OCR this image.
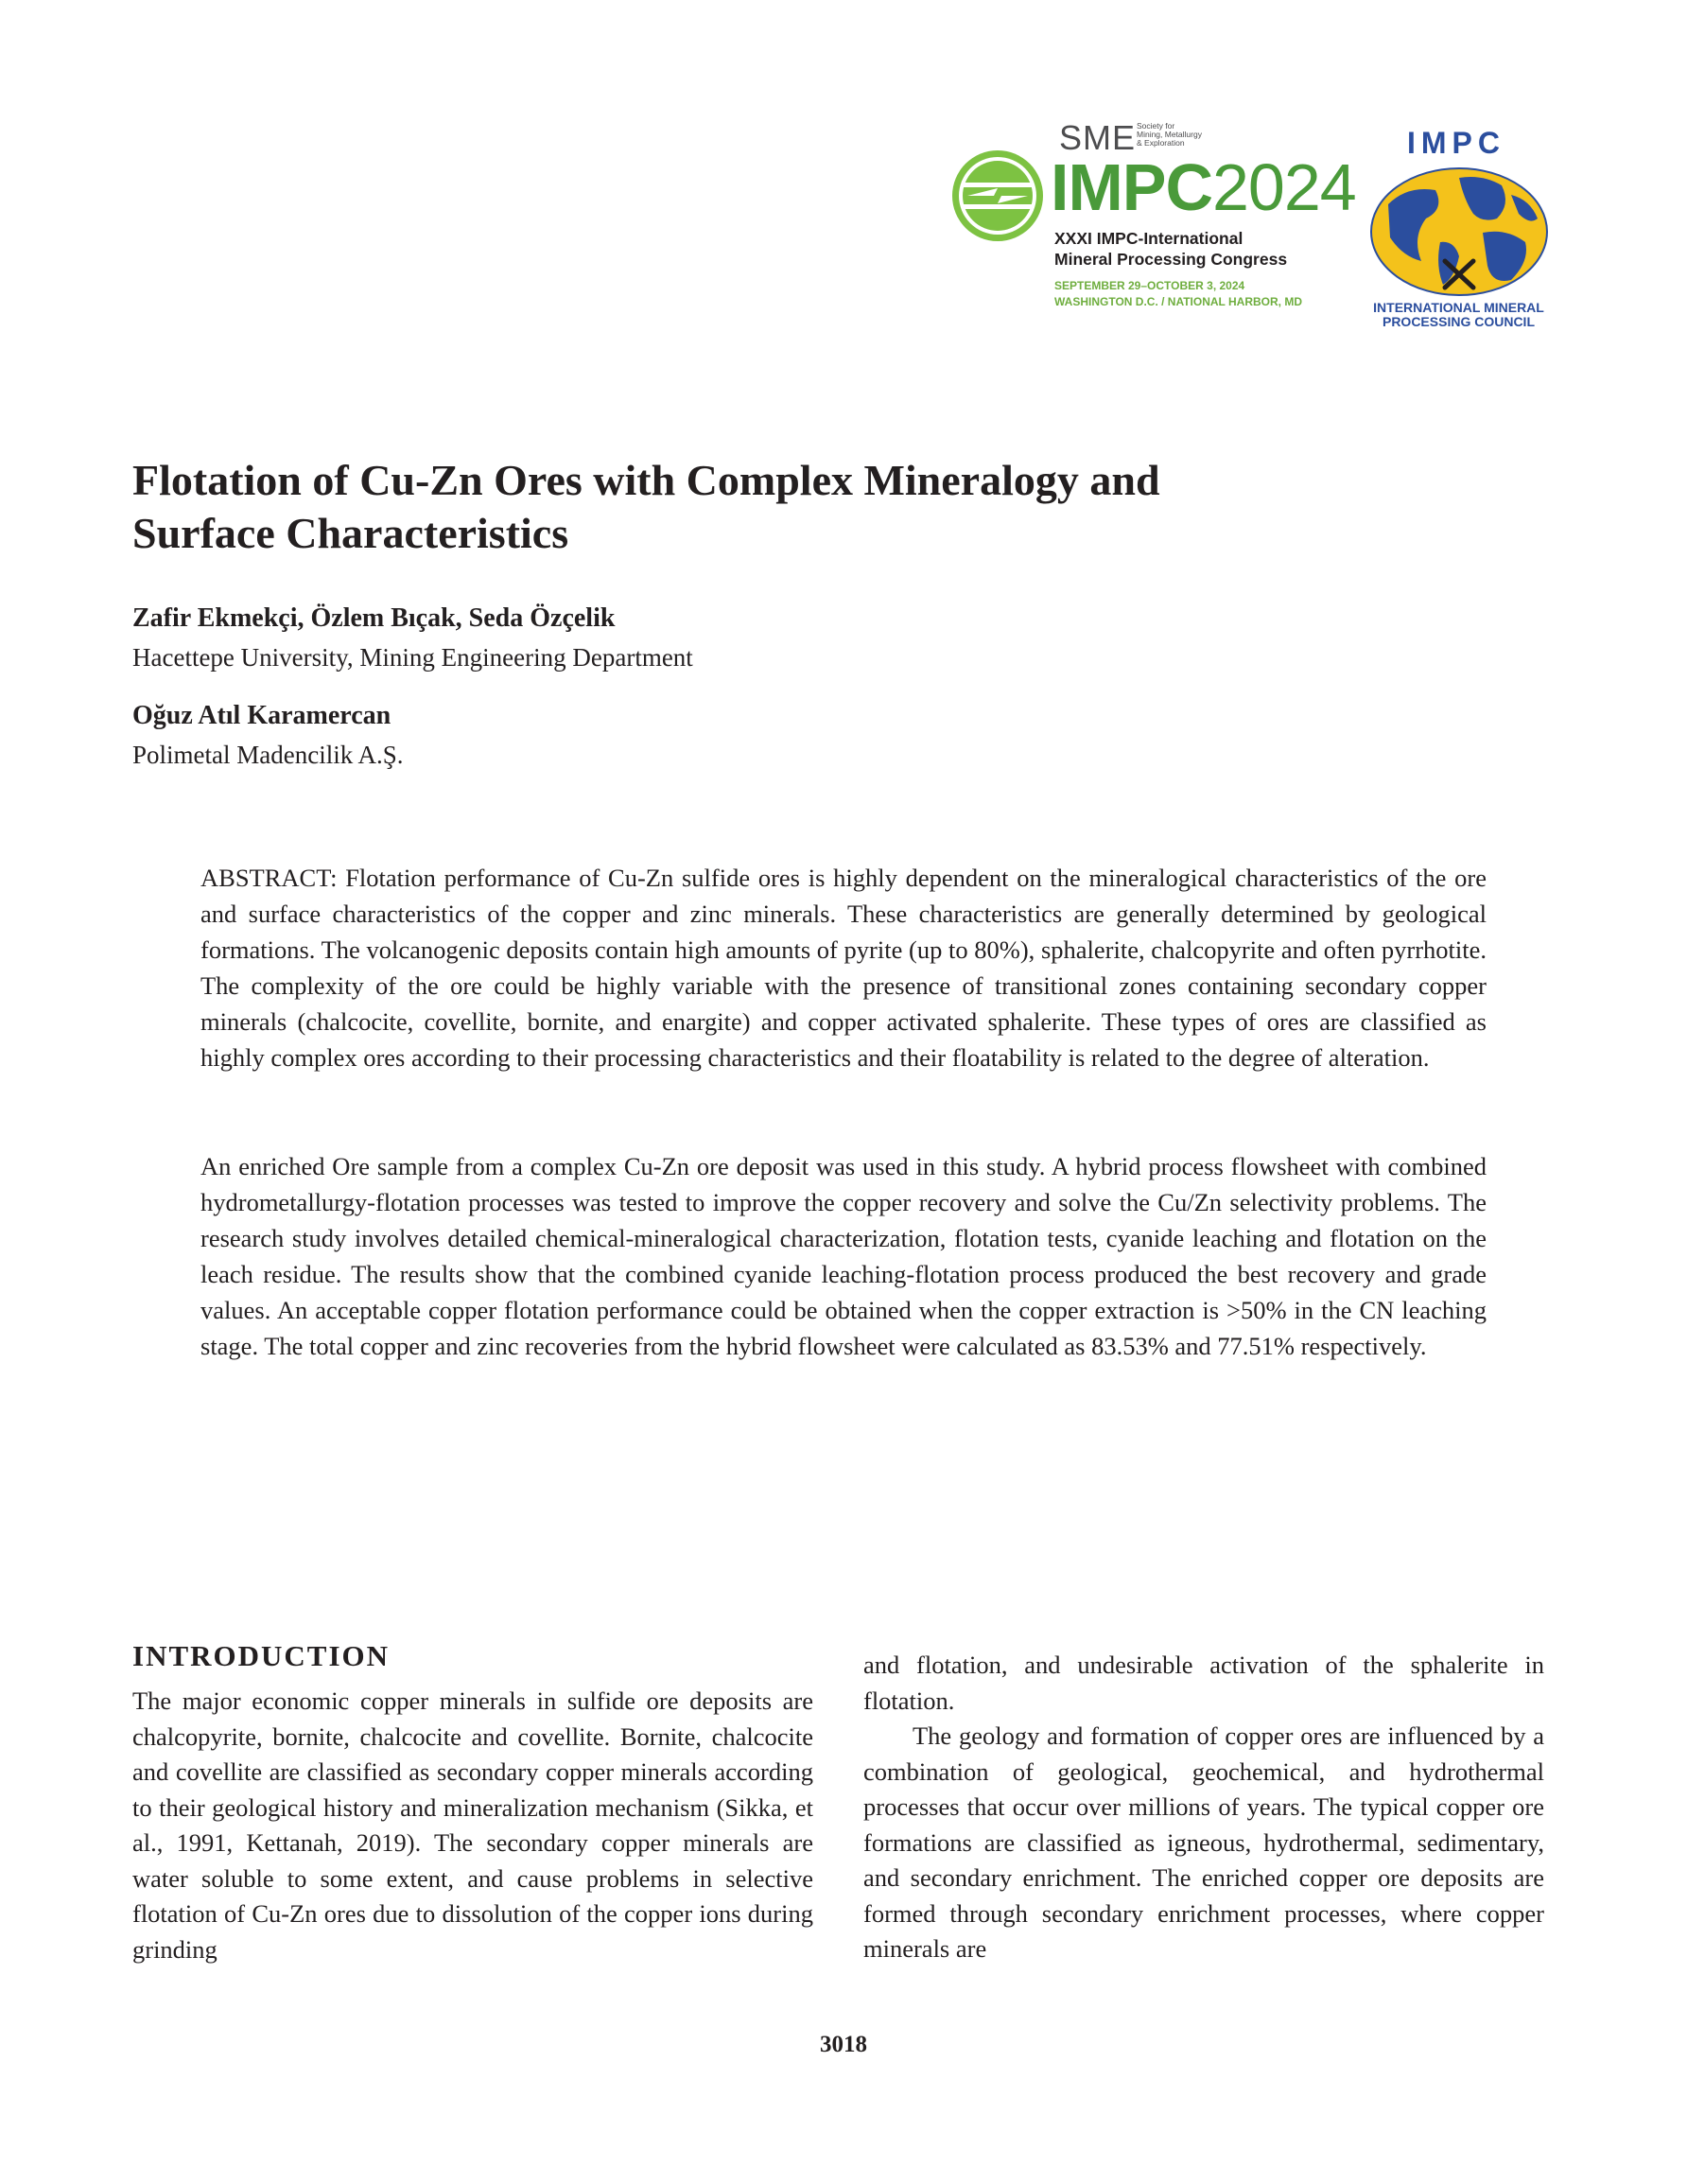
SME Society for
Mining, Metallurgy
& Exploration
IMPC2024
XXXI IMPC-International
Mineral Processing Congress
SEPTEMBER 29–OCTOBER 3, 2024
WASHINGTON D.C. / NATIONAL HARBOR, MD
IMPC
INTERNATIONAL MINERAL
PROCESSING COUNCIL
Flotation of Cu-Zn Ores with Complex Mineralogy and
Surface Characteristics
Zafir Ekmekçi, Özlem Bıçak, Seda Özçelik
Hacettepe University, Mining Engineering Department
Oğuz Atıl Karamercan
Polimetal Madencilik A.Ş.

ABSTRACT: Flotation performance of Cu-Zn sulfide ores is highly dependent on the mineralogical characteristics of the ore and surface characteristics of the copper and zinc minerals. These characteristics are generally determined by geological formations. The volcanogenic deposits contain high amounts of pyrite (up to 80%), sphalerite, chalcopyrite and often pyrrhotite. The complexity of the ore could be highly variable with the presence of transitional zones containing secondary copper minerals (chalcocite, covellite, bornite, and enargite) and copper activated sphalerite. These types of ores are classified as highly complex ores according to their processing characteristics and their floatability is related to the degree of alteration.

An enriched Ore sample from a complex Cu-Zn ore deposit was used in this study. A hybrid process flowsheet with combined hydrometallurgy-flotation processes was tested to improve the copper recovery and solve the Cu/Zn selectivity problems. The research study involves detailed chemical-mineralogical characterization, flotation tests, cyanide leaching and flotation on the leach residue. The results show that the combined cyanide leaching-flotation process produced the best recovery and grade values. An acceptable copper flotation performance could be obtained when the copper extraction is >50% in the CN leaching stage. The total copper and zinc recoveries from the hybrid flowsheet were calculated as 83.53% and 77.51% respectively.

INTRODUCTION

The major economic copper minerals in sulfide ore deposits are chalcopyrite, bornite, chalcocite and covellite. Bornite, chalcocite and covellite are classified as secondary copper minerals according to their geological history and mineralization mechanism (Sikka, et al., 1991, Kettanah, 2019). The secondary copper minerals are water soluble to some extent, and cause problems in selective flotation of Cu-Zn ores due to dissolution of the copper ions during grinding

and flotation, and undesirable activation of the sphalerite in flotation.

The geology and formation of copper ores are influenced by a combination of geological, geochemical, and hydrothermal processes that occur over millions of years. The typical copper ore formations are classified as igneous, hydrothermal, sedimentary, and secondary enrichment. The enriched copper ore deposits are formed through secondary enrichment processes, where copper minerals are

3018
